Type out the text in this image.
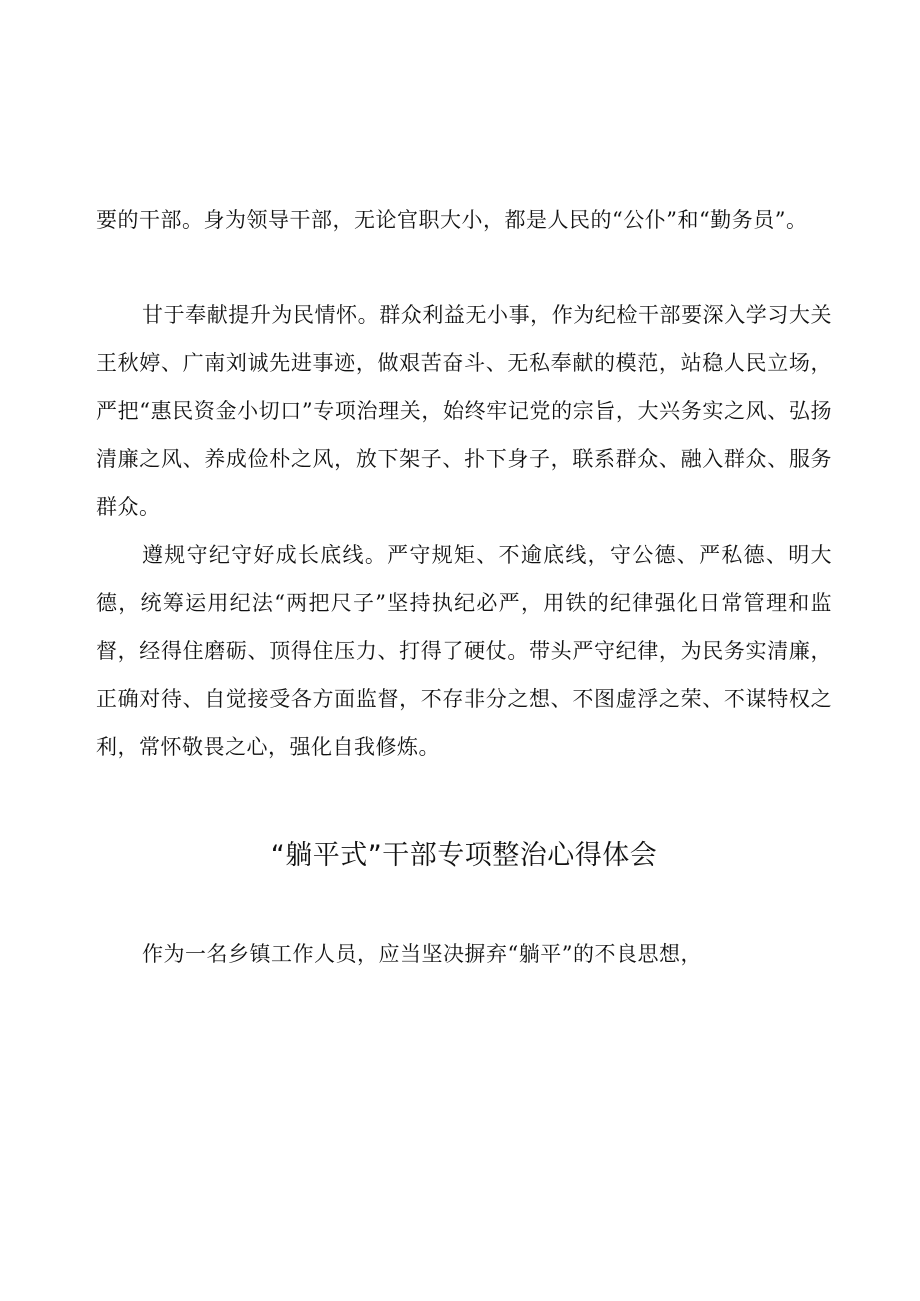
要的干部。身为领导干部，无论官职大小，都是人民的“公仆”和“勤务员”。

甘于奉献提升为民情怀。群众利益无小事，作为纪检干部要深入学习大关王秋婷、广南刘诚先进事迹，做艰苦奋斗、无私奉献的模范，站稳人民立场，严把“惠民资金小切口”专项治理关，始终牢记党的宗旨，大兴务实之风、弘扬清廉之风、养成俭朴之风，放下架子、扑下身子，联系群众、融入群众、服务群众。

遵规守纪守好成长底线。严守规矩、不逾底线，守公德、严私德、明大德，统筹运用纪法“两把尺子”坚持执纪必严，用铁的纪律强化日常管理和监督，经得住磨砺、顶得住压力、打得了硬仗。带头严守纪律，为民务实清廉，正确对待、自觉接受各方面监督，不存非分之想、不图虚浮之荣、不谋特权之利，常怀敬畏之心，强化自我修炼。

“躺平式”干部专项整治心得体会

作为一名乡镇工作人员，应当坚决摒弃“躺平”的不良思想，
